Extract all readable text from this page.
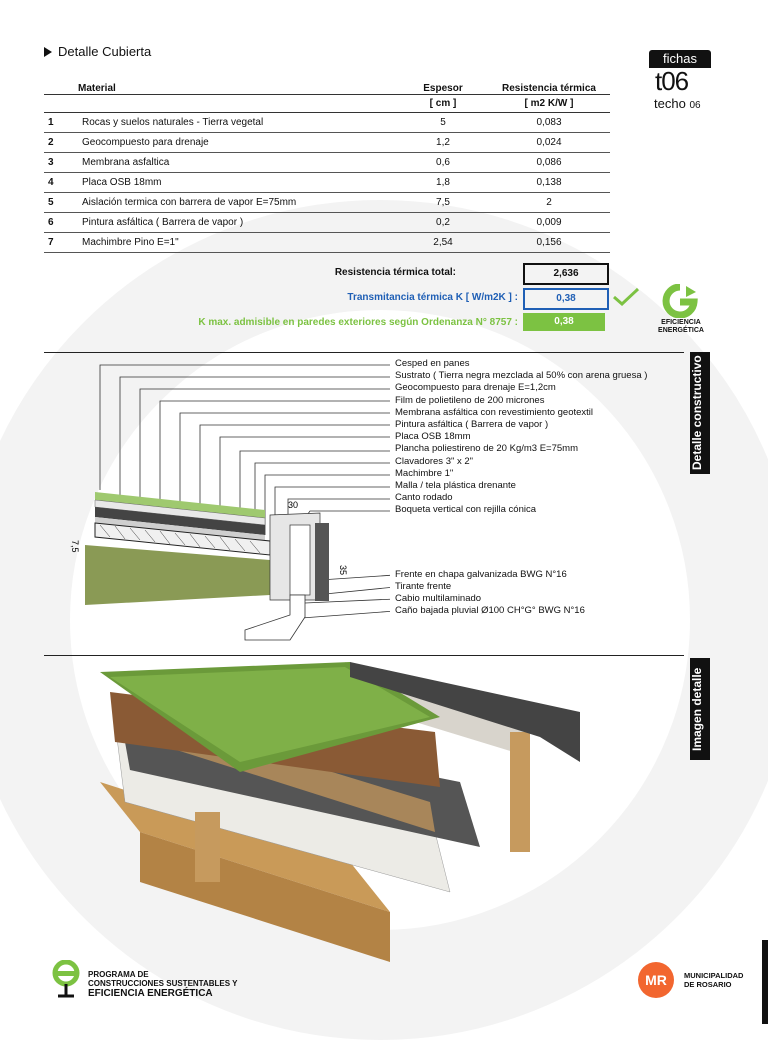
Detalle Cubierta	fichas
t06
techo 06
	Material	Espesor	Resistencia térmica
		[ cm ]	[ m2 K/W ]
1	Rocas y suelos naturales - Tierra vegetal	5	0,083
2	Geocompuesto para drenaje	1,2	0,024
3	Membrana asfaltica	0,6	0,086
4	Placa OSB 18mm	1,8	0,138
5	Aislación termica con barrera de vapor E=75mm	7,5	2
6	Pintura asfáltica ( Barrera de vapor )	0,2	0,009
7	Machimbre Pino E=1"	2,54	0,156
Resistencia térmica total:	2,636
Transmitancia térmica K [ W/m2K ] :	0,38
K max. admisible en paredes exteriores según Ordenanza N° 8757 :	0,38	EFICIENCIA
ENERGÉTICA
Detalle constructivo
30
35
7,5
Cesped en panes
Sustrato ( Tierra negra mezclada al 50% con arena gruesa )
Geocompuesto para drenaje E=1,2cm
Film de polietileno de 200 micrones
Membrana asfáltica con revestimiento geotextil
Pintura asfáltica ( Barrera de vapor )
Placa OSB 18mm
Plancha poliestireno de 20 Kg/m3 E=75mm
Clavadores 3" x 2"
Machimbre 1"
Malla / tela plástica drenante
Canto rodado
Boqueta vertical con rejilla cónica
Frente en chapa galvanizada BWG N°16
Tirante frente
Cabio multilaminado
Caño bajada pluvial Ø100 CH°G° BWG N°16
Imagen detalle
PROGRAMA DE
CONSTRUCCIONES SUSTENTABLES Y
EFICIENCIA ENERGÉTICA
MR	MUNICIPALIDAD
DE ROSARIO
